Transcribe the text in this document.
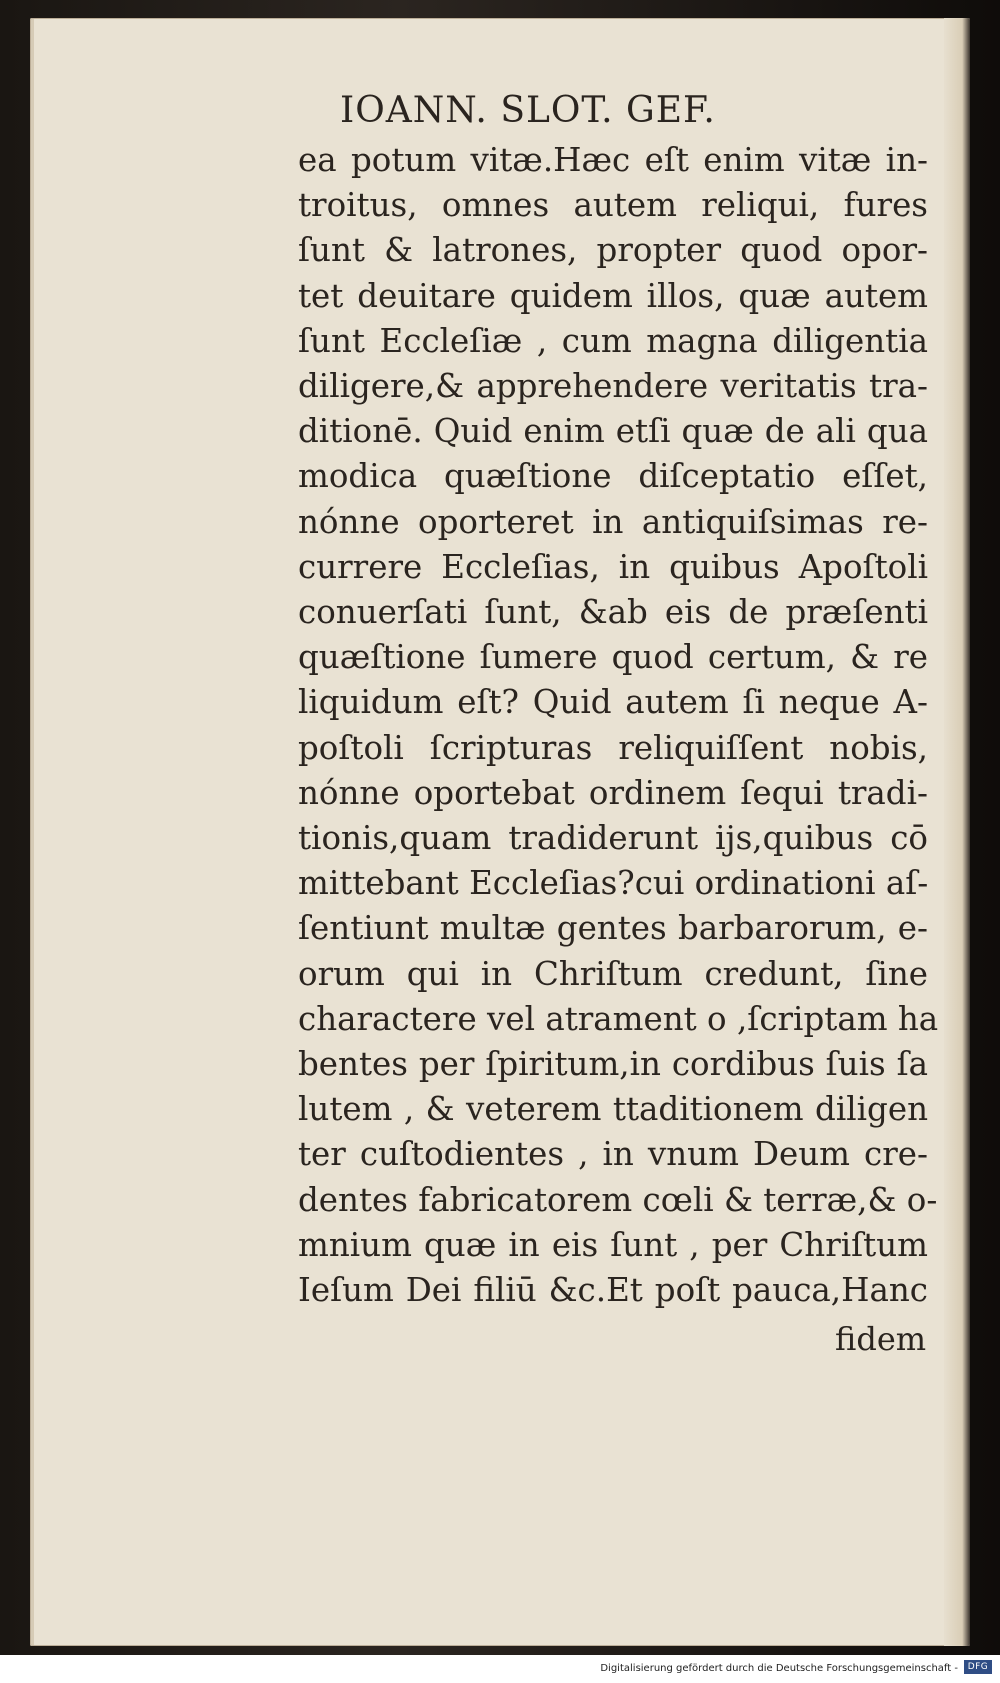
IOANN. SLOT. GEF.
ea potum vitæ.Hæc eſt enim vitæ in-
troitus, omnes autem reliqui, fures
ſunt & latrones, propter quod opor-
tet deuitare quidem illos, quæ autem
ſunt Eccleſiæ , cum magna diligentia
diligere,& apprehendere veritatis tra-
ditionē. Quid enim etſi quæ de ali qua
modica quæſtione diſceptatio eſſet,
nónne oporteret in antiquiſsimas re-
currere Eccleſias, in quibus Apoſtoli
conuerſati ſunt, &ab eis de præſenti
quæſtione ſumere quod certum, & re
liquidum eſt? Quid autem ſi neque A-
poſtoli ſcripturas reliquiſſent nobis,
nónne oportebat ordinem ſequi tradi-
tionis,quam tradiderunt ijs,quibus cō
mittebant Eccleſias?cui ordinationi aſ-
ſentiunt multæ gentes barbarorum, e-
orum qui in Chriſtum credunt, ſine
charactere vel atrament o ,ſcriptam ha
bentes per ſpiritum,in cordibus ſuis ſa
lutem , & veterem ttaditionem diligen
ter cuſtodientes , in vnum Deum cre-
dentes fabricatorem cœli & terræ,& o-
mnium quæ in eis ſunt , per Chriſtum
Ieſum Dei filiū &c.Et poſt pauca,Hanc
fidem
Digitalisierung gefördert durch die Deutsche Forschungsgemeinschaft -	DFG
